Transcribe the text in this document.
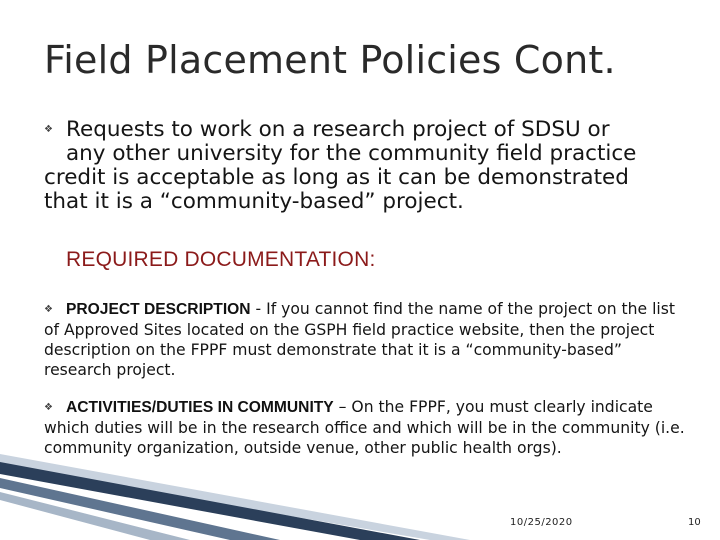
Field Placement Policies Cont.
❖ Requests to work on a research project of SDSU or
any other university for the community field practice
credit is acceptable as long as it can be demonstrated
that it is a “community-based” project.
REQUIRED DOCUMENTATION:
❖ PROJECT DESCRIPTION - If you cannot find the name of the project on the list of Approved Sites located on the GSPH field practice website, then the project description on the FPPF must demonstrate that it is a “community-based” research project.
❖ ACTIVITIES/DUTIES IN COMMUNITY – On the FPPF, you must clearly indicate which duties will be in the research office and which will be in the community (i.e. community organization, outside venue, other public health orgs).
10/25/2020	10
